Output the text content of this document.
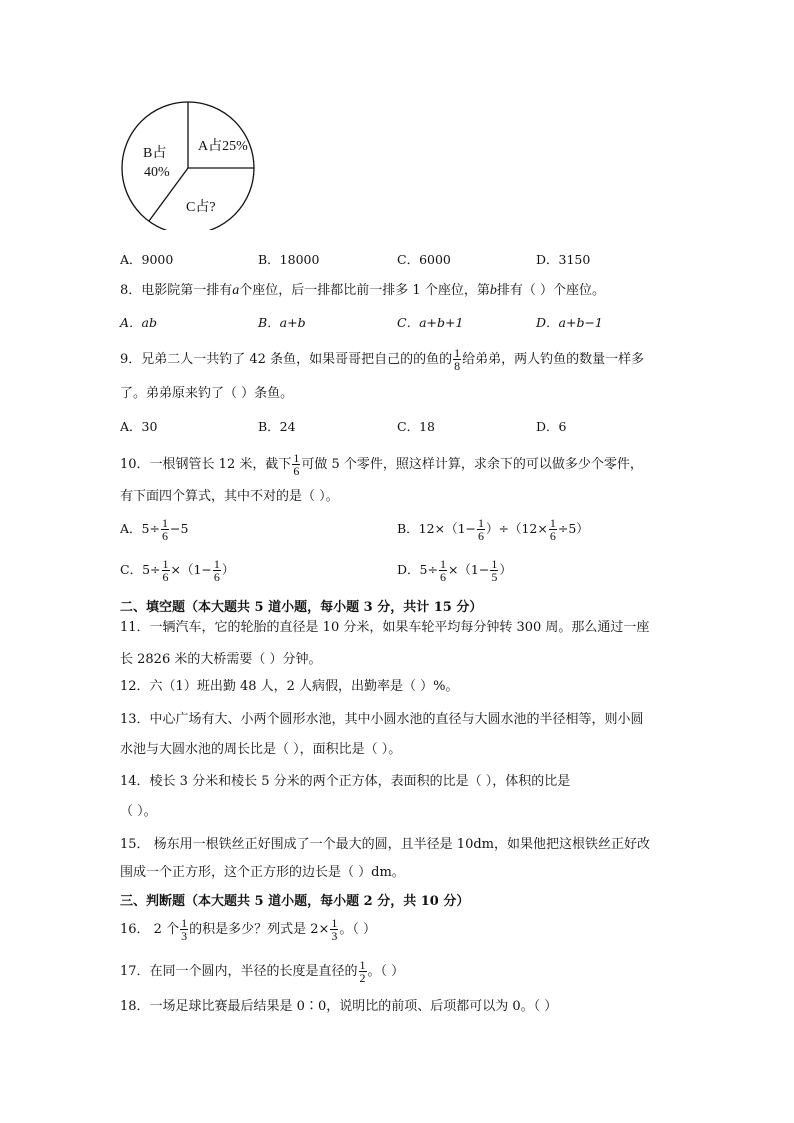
A占25%
B占
40%
C占?
A．9000	B．18000	C．6000	D．3150
8．电影院第一排有a个座位，后一排都比前一排多 1 个座位，第b排有（ ）个座位。
A．ab	B．a+b	C．a+b+1	D．a+b−1
9．兄弟二人一共钓了 42 条鱼，如果哥哥把自己的的鱼的 $\frac{1}{8}$ 给弟弟，两人钓鱼的数量一样多
了。弟弟原来钓了（ ）条鱼。
A．30	B．24	C．18	D．6
10．一根钢管长 12 米，截下 $\frac{1}{6}$ 可做 5 个零件，照这样计算，求余下的可以做多少个零件，
有下面四个算式，其中不对的是（ ）。
A．$5\div \frac{1}{6} -5$	B．$12\times(1- \frac{1}{6} )\div(12\times \frac{1}{6} \div 5)$
C．$5\div \frac{1}{6} \times(1- \frac{1}{6}$ ）	D．$5\div \frac{1}{6} \times(1- \frac{1}{5}$ ）
二、填空题（本大题共 5 道小题，每小题 3 分，共计 15 分）
11．一辆汽车，它的轮胎的直径是 10 分米，如果车轮平均每分钟转 300 周。那么通过一座
长 2826 米的大桥需要（ ）分钟。
12．六（1）班出勤 48 人，2 人病假，出勤率是（ ）%。
13．中心广场有大、小两个圆形水池，其中小圆水池的直径与大圆水池的半径相等，则小圆
水池与大圆水池的周长比是（ ），面积比是（ ）。
14．棱长 3 分米和棱长 5 分米的两个正方体，表面积的比是（ ），体积的比是
（ ）。
15． 杨东用一根铁丝正好围成了一个最大的圆，且半径是 10dm，如果他把这根铁丝正好改
围成一个正方形，这个正方形的边长是（ ）dm。
三、判断题（本大题共 5 道小题，每小题 2 分，共 10 分）
16． 2 个 $\frac{1}{3}$ 的积是多少？列式是 $2\times \frac{1}{3}$ 。（ ）
17．在同一个圆内，半径的长度是直径的 $\frac{1}{2}$ 。（ ）
18．一场足球比赛最后结果是 0∶0，说明比的前项、后项都可以为 0。（ ）
